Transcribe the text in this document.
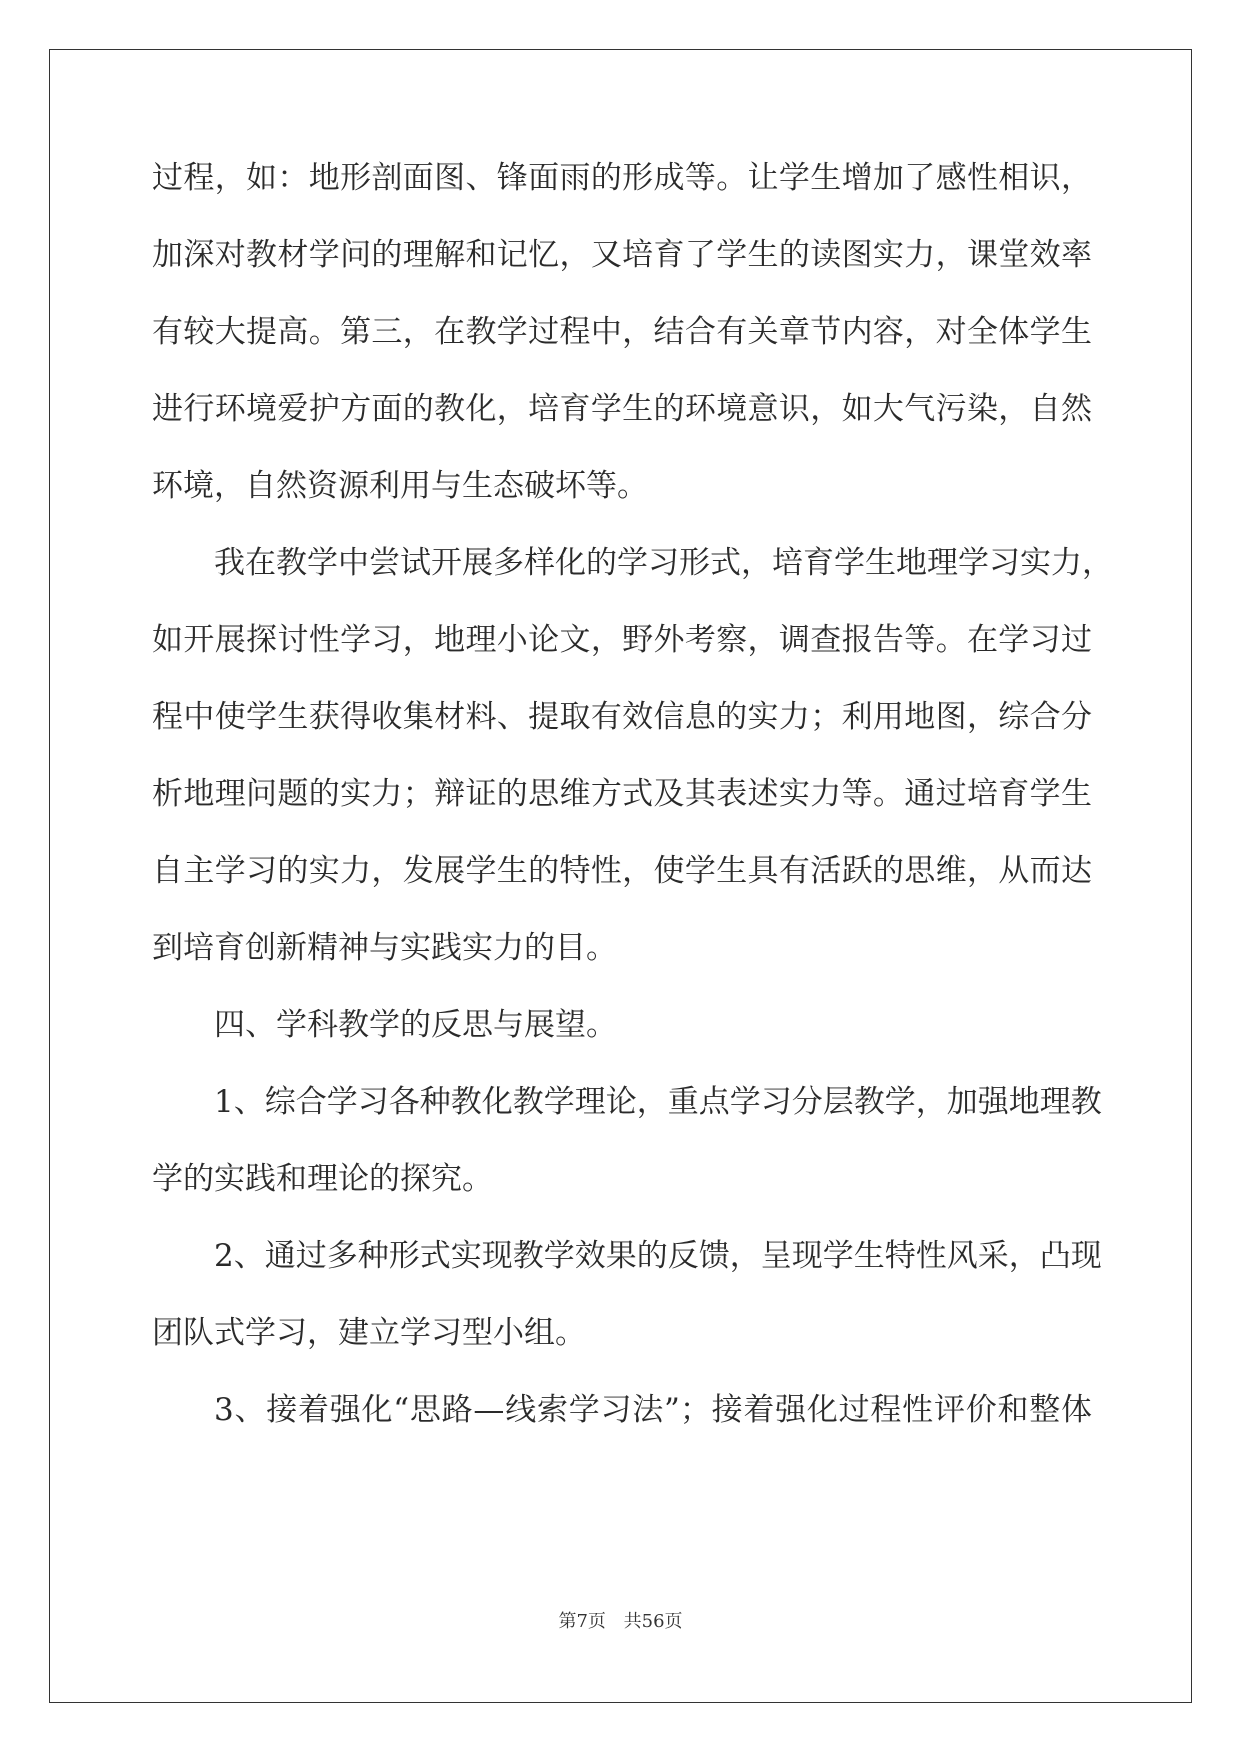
过程，如：地形剖面图、锋面雨的形成等。让学生增加了感性相识，
加深对教材学问的理解和记忆，又培育了学生的读图实力，课堂效率
有较大提高。第三，在教学过程中，结合有关章节内容，对全体学生
进行环境爱护方面的教化，培育学生的环境意识，如大气污染，自然
环境，自然资源利用与生态破坏等。
我在教学中尝试开展多样化的学习形式，培育学生地理学习实力，
如开展探讨性学习，地理小论文，野外考察，调查报告等。在学习过
程中使学生获得收集材料、提取有效信息的实力；利用地图，综合分
析地理问题的实力；辩证的思维方式及其表述实力等。通过培育学生
自主学习的实力，发展学生的特性，使学生具有活跃的思维，从而达
到培育创新精神与实践实力的目。
四、学科教学的反思与展望。
1、综合学习各种教化教学理论，重点学习分层教学，加强地理教
学的实践和理论的探究。
2、通过多种形式实现教学效果的反馈，呈现学生特性风采，凸现
团队式学习，建立学习型小组。
3、接着强化“思路—线索学习法”；接着强化过程性评价和整体
第7页 共56页
